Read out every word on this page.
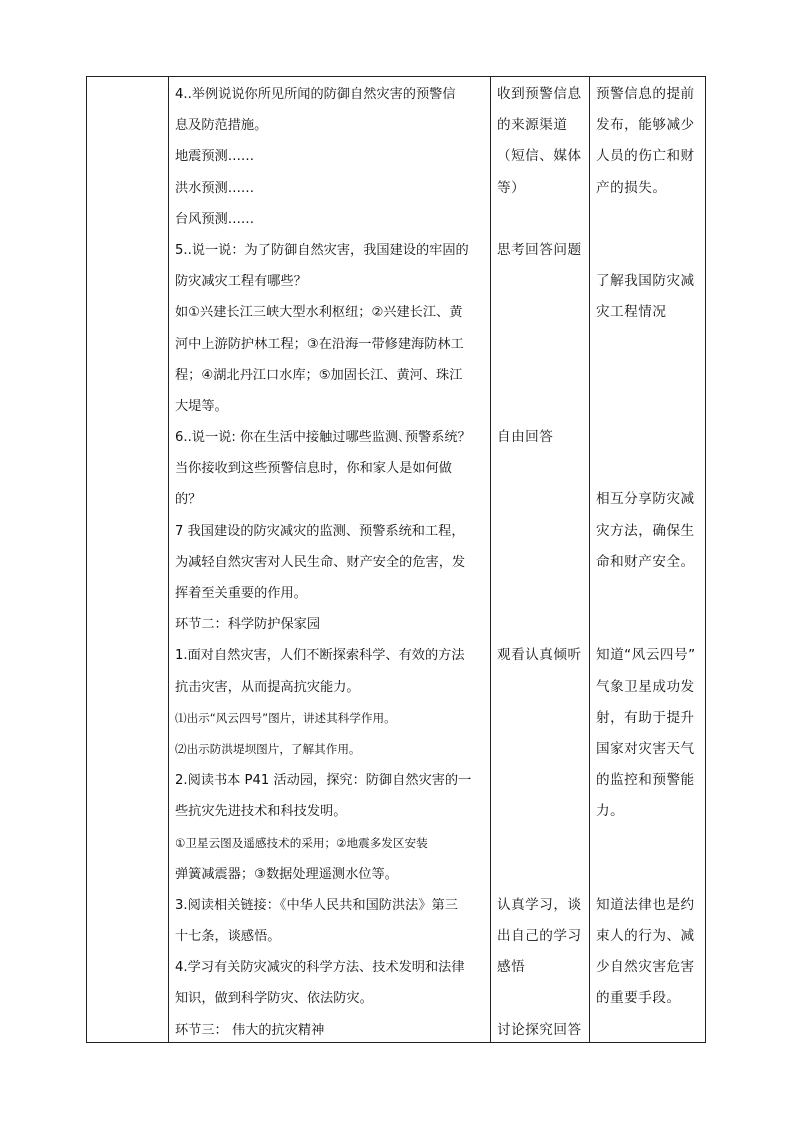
4..举例说说你所见所闻的防御自然灾害的预警信

息及防范措施。

地震预测……

洪水预测……

台风预测……

5..说一说：为了防御自然灾害，我国建设的牢固的

防灾减灾工程有哪些？

如①兴建长江三峡大型水利枢纽；②兴建长江、黄

河中上游防护林工程；③在沿海一带修建海防林工

程；④湖北丹江口水库；⑤加固长江、黄河、珠江

大堤等。

6..说一说: 你在生活中接触过哪些监测､预警系统？

当你接收到这些预警信息时，你和家人是如何做

的？

7 我国建设的防灾减灾的监测、预警系统和工程，

为减轻自然灾害对人民生命、财产安全的危害，发

挥着至关重要的作用。

环节二：科学防护保家园

1.面对自然灾害，人们不断探索科学、有效的方法

抗击灾害，从而提高抗灾能力。

⑴出示“风云四号”图片，讲述其科学作用。

⑵出示防洪堤坝图片，了解其作用。

2.阅读书本 P41 活动园，探究：防御自然灾害的一

些抗灾先进技术和科技发明。

①卫星云图及遥感技术的采用；②地震多发区安装

弹簧减震器；③数据处理遥测水位等。

3.阅读相关链接：《中华人民共和国防洪法》第三

十七条，谈感悟。

4.学习有关防灾减灾的科学方法、技术发明和法律

知识，做到科学防灾、依法防灾。

环节三： 伟大的抗灾精神

收到预警信息

的来源渠道

（短信、媒体

等）

思考回答问题

自由回答

观看认真倾听

认真学习，谈

出自己的学习

感悟

讨论探究回答

预警信息的提前

发布，能够减少

人员的伤亡和财

产的损失。

了解我国防灾减

灾工程情况

相互分享防灾减

灾方法，确保生

命和财产安全。

知道“风云四号”

气象卫星成功发

射，有助于提升

国家对灾害天气

的监控和预警能

力。

知道法律也是约

束人的行为、减

少自然灾害危害

的重要手段。
